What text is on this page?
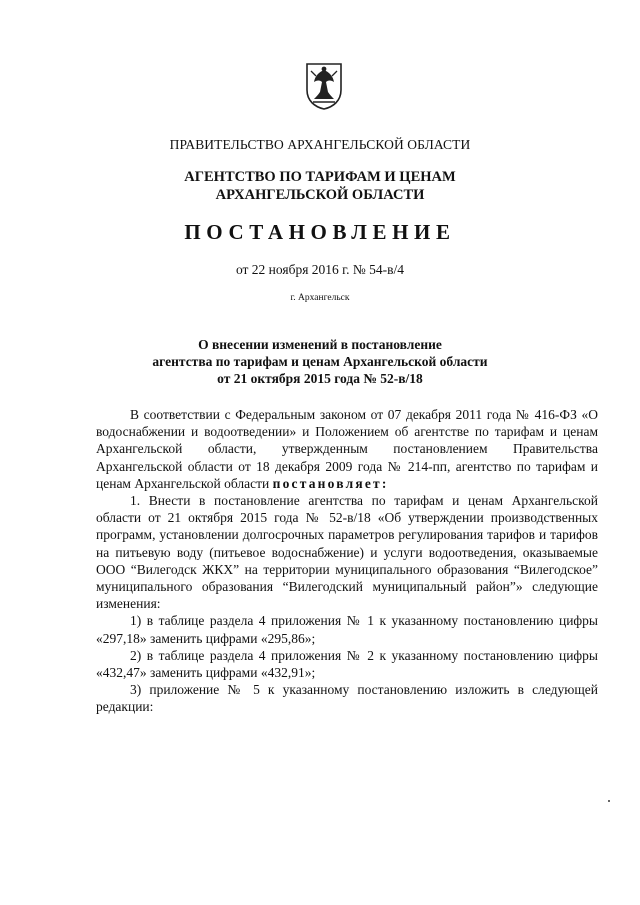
ПРАВИТЕЛЬСТВО АРХАНГЕЛЬСКОЙ ОБЛАСТИ
АГЕНТСТВО ПО ТАРИФАМ И ЦЕНАМ
АРХАНГЕЛЬСКОЙ ОБЛАСТИ
ПОСТАНОВЛЕНИЕ
от 22 ноября 2016 г. № 54-в/4
г. Архангельск
О внесении изменений в постановление
агентства по тарифам и ценам Архангельской области
от 21 октября 2015 года № 52-в/18

В соответствии с Федеральным законом от 07 декабря 2011 года № 416-ФЗ «О водоснабжении и водоотведении» и Положением об агентстве по тарифам и ценам Архангельской области, утвержденным постановлением Правительства Архангельской области от 18 декабря 2009 года № 214-пп, агентство по тарифам и ценам Архангельской области постановляет:

1. Внести в постановление агентства по тарифам и ценам Архангельской области от 21 октября 2015 года № 52-в/18 «Об утверждении производственных программ, установлении долгосрочных параметров регулирования тарифов и тарифов на питьевую воду (питьевое водоснабжение) и услуги водоотведения, оказываемые ООО “Вилегодск ЖКХ” на территории муниципального образования “Вилегодское” муниципального образования “Вилегодский муниципальный район”» следующие изменения:

1) в таблице раздела 4 приложения № 1 к указанному постановлению цифры «297,18» заменить цифрами «295,86»;

2) в таблице раздела 4 приложения № 2 к указанному постановлению цифры «432,47» заменить цифрами «432,91»;

3) приложение № 5 к указанному постановлению изложить в следующей редакции:
